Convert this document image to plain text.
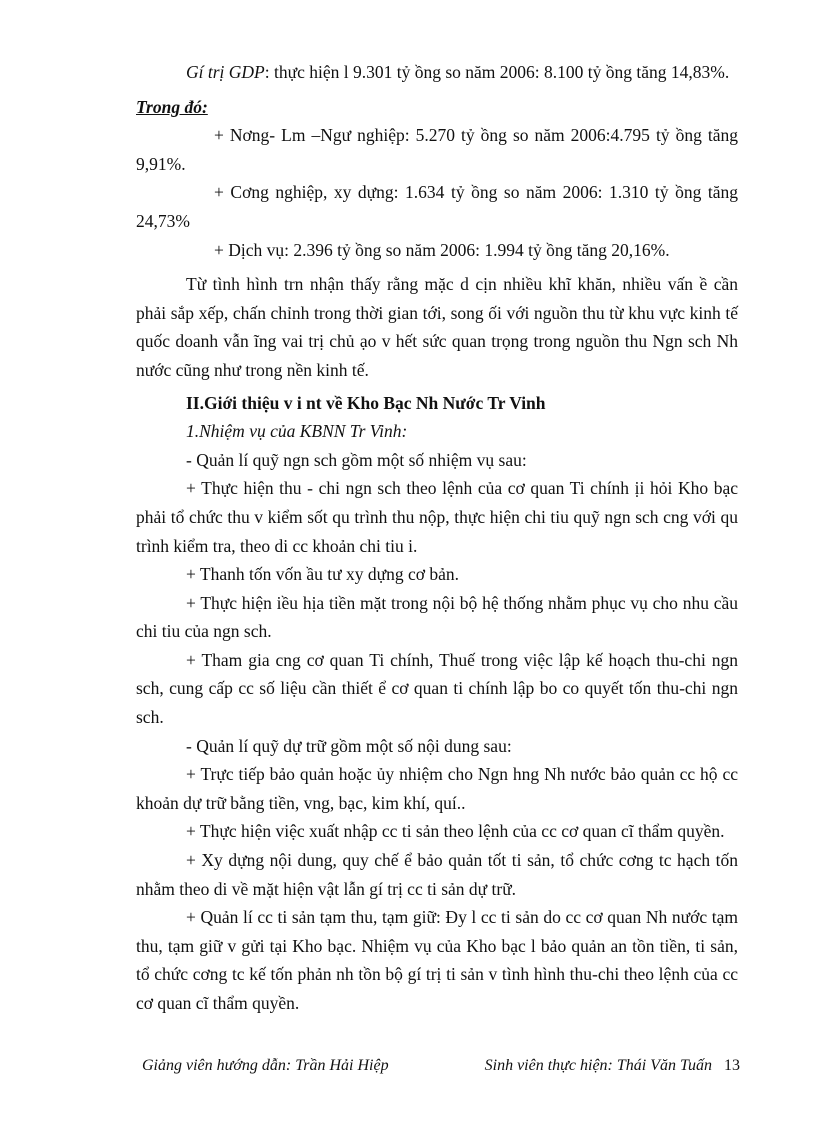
Gí trị GDP: thực hiện l 9.301 tỷ ồng so năm 2006: 8.100 tỷ ồng tăng 14,83%.

Trong đó:

+ Nơng- Lm –Ngư nghiệp: 5.270 tỷ ồng so năm 2006:4.795 tỷ ồng tăng 9,91%.

+ Cơng nghiệp, xy dựng: 1.634 tỷ ồng so năm 2006: 1.310 tỷ ồng tăng 24,73%

+ Dịch vụ: 2.396 tỷ ồng so năm 2006: 1.994 tỷ ồng tăng 20,16%.

Từ tình hình trn nhận thấy rằng mặc d cịn nhiều khĩ khăn, nhiều vấn ề cần phải sắp xếp, chấn chỉnh trong thời gian tới, song ối với nguồn thu từ khu vực kinh tế quốc doanh vẫn ĩng vai trị chủ ạo v hết sức quan trọng trong nguồn thu Ngn sch Nh nước cũng như trong nền kinh tế.

II.Giới thiệu v i nt về Kho Bạc Nh Nước Tr Vinh

1.Nhiệm vụ của KBNN Tr Vinh:

- Quản lí quỹ ngn sch gồm một số nhiệm vụ sau:

+ Thực hiện thu - chi ngn sch theo lệnh của cơ quan Ti chính ịi hỏi Kho bạc phải tổ chức thu v kiểm sốt qu trình thu nộp, thực hiện chi tiu quỹ ngn sch cng với qu trình kiểm tra, theo di cc khoản chi tiu i.

+ Thanh tốn vốn ầu tư xy dựng cơ bản.

+ Thực hiện iều hịa tiền mặt trong nội bộ hệ thống nhằm phục vụ cho nhu cầu chi tiu của ngn sch.

+ Tham gia cng cơ quan Ti chính, Thuế trong việc lập kế hoạch thu-chi ngn sch, cung cấp cc số liệu cần thiết ể cơ quan ti chính lập bo co quyết tốn thu-chi ngn sch.

- Quản lí quỹ dự trữ gồm một số nội dung sau:

+ Trực tiếp bảo quản hoặc ủy nhiệm cho Ngn hng Nh nước bảo quản cc hộ cc khoản dự trữ bằng tiền, vng, bạc, kim khí, quí..

+ Thực hiện việc xuất nhập cc ti sản theo lệnh của cc cơ quan cĩ thẩm quyền.

+ Xy dựng nội dung, quy chế ể bảo quản tốt ti sản, tổ chức cơng tc hạch tốn nhằm theo di về mặt hiện vật lẫn gí trị cc ti sản dự trữ.

+ Quản lí cc ti sản tạm thu, tạm giữ: Đy l cc ti sản do cc cơ quan Nh nước tạm thu, tạm giữ v gửi tại Kho bạc. Nhiệm vụ của Kho bạc l bảo quản an tồn tiền, ti sản, tổ chức cơng tc kế tốn phản nh tồn bộ gí trị ti sản v tình hình thu-chi theo lệnh của cc cơ quan cĩ thẩm quyền.

Giảng viên hướng dẫn: Trần Hải Hiệp	Sinh viên thực hiện: Thái Văn Tuấn 13
